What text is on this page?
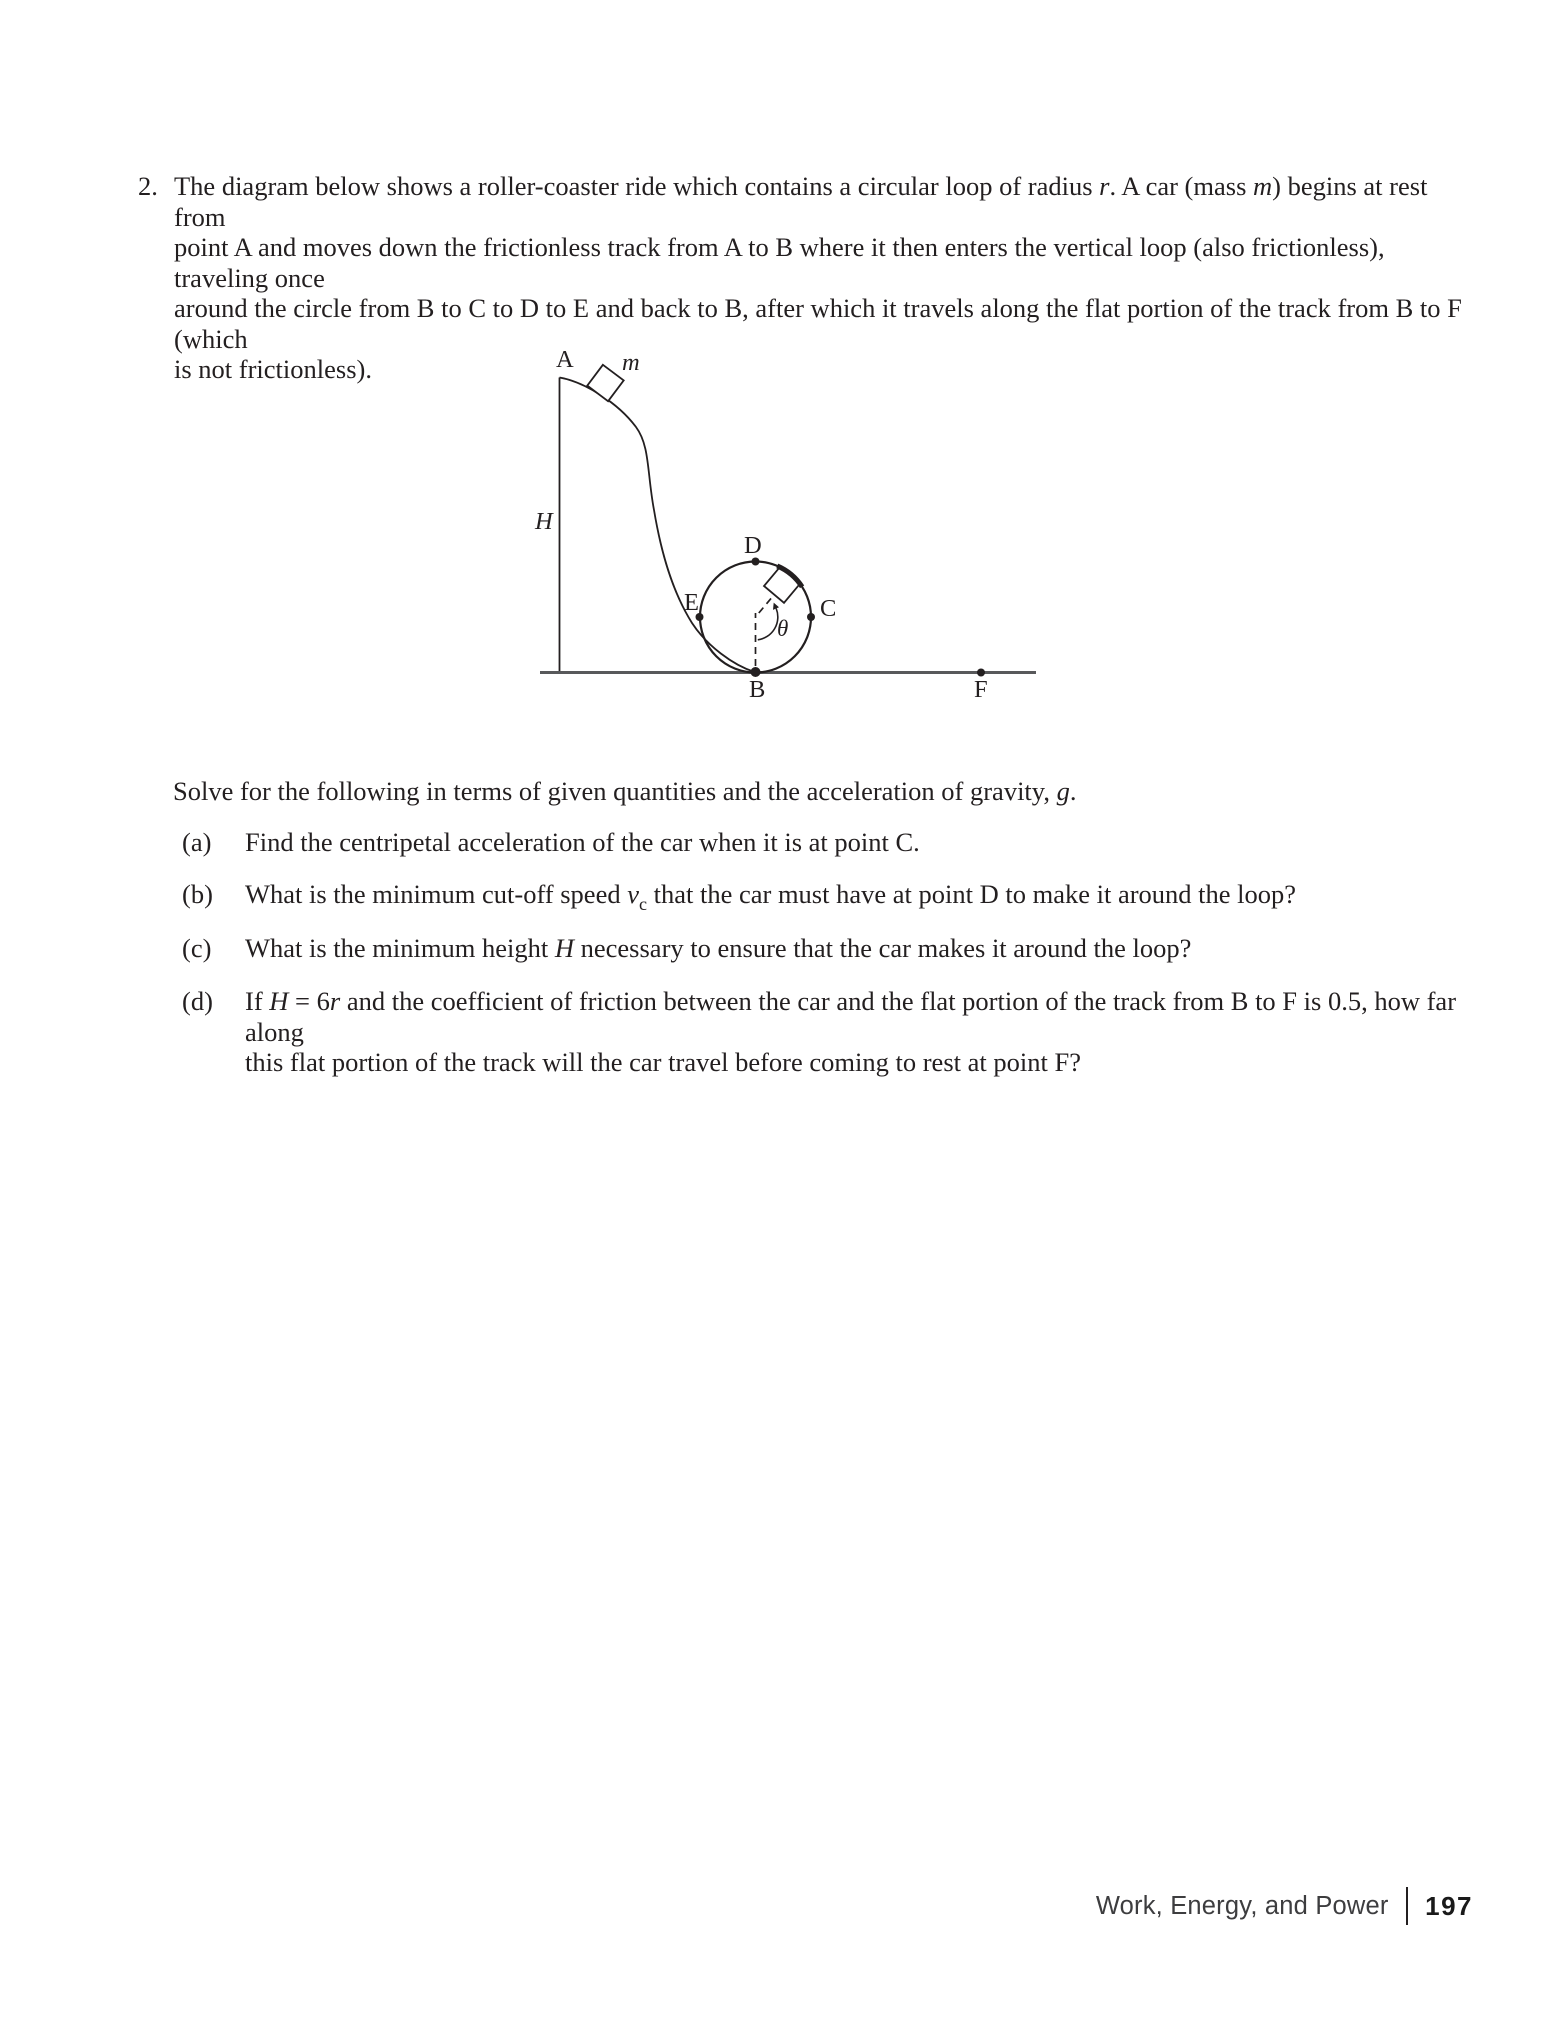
2. The diagram below shows a roller-coaster ride which contains a circular loop of radius r. A car (mass m) begins at rest from
point A and moves down the frictionless track from A to B where it then enters the vertical loop (also frictionless), traveling once
around the circle from B to C to D to E and back to B, after which it travels along the flat portion of the track from B to F (which
is not frictionless).	A m
H
D
E	C
B	F
θ
Solve for the following in terms of given quantities and the acceleration of gravity, g.
(a)	Find the centripetal acceleration of the car when it is at point C.
(b)	What is the minimum cut-off speed $v_c$ that the car must have at point D to make it around the loop?
(c)	What is the minimum height H necessary to ensure that the car makes it around the loop?
(d)	If H = 6r and the coefficient of friction between the car and the flat portion of the track from B to F is 0.5, how far along
this flat portion of the track will the car travel before coming to rest at point F?
Work, Energy, and Power 197
